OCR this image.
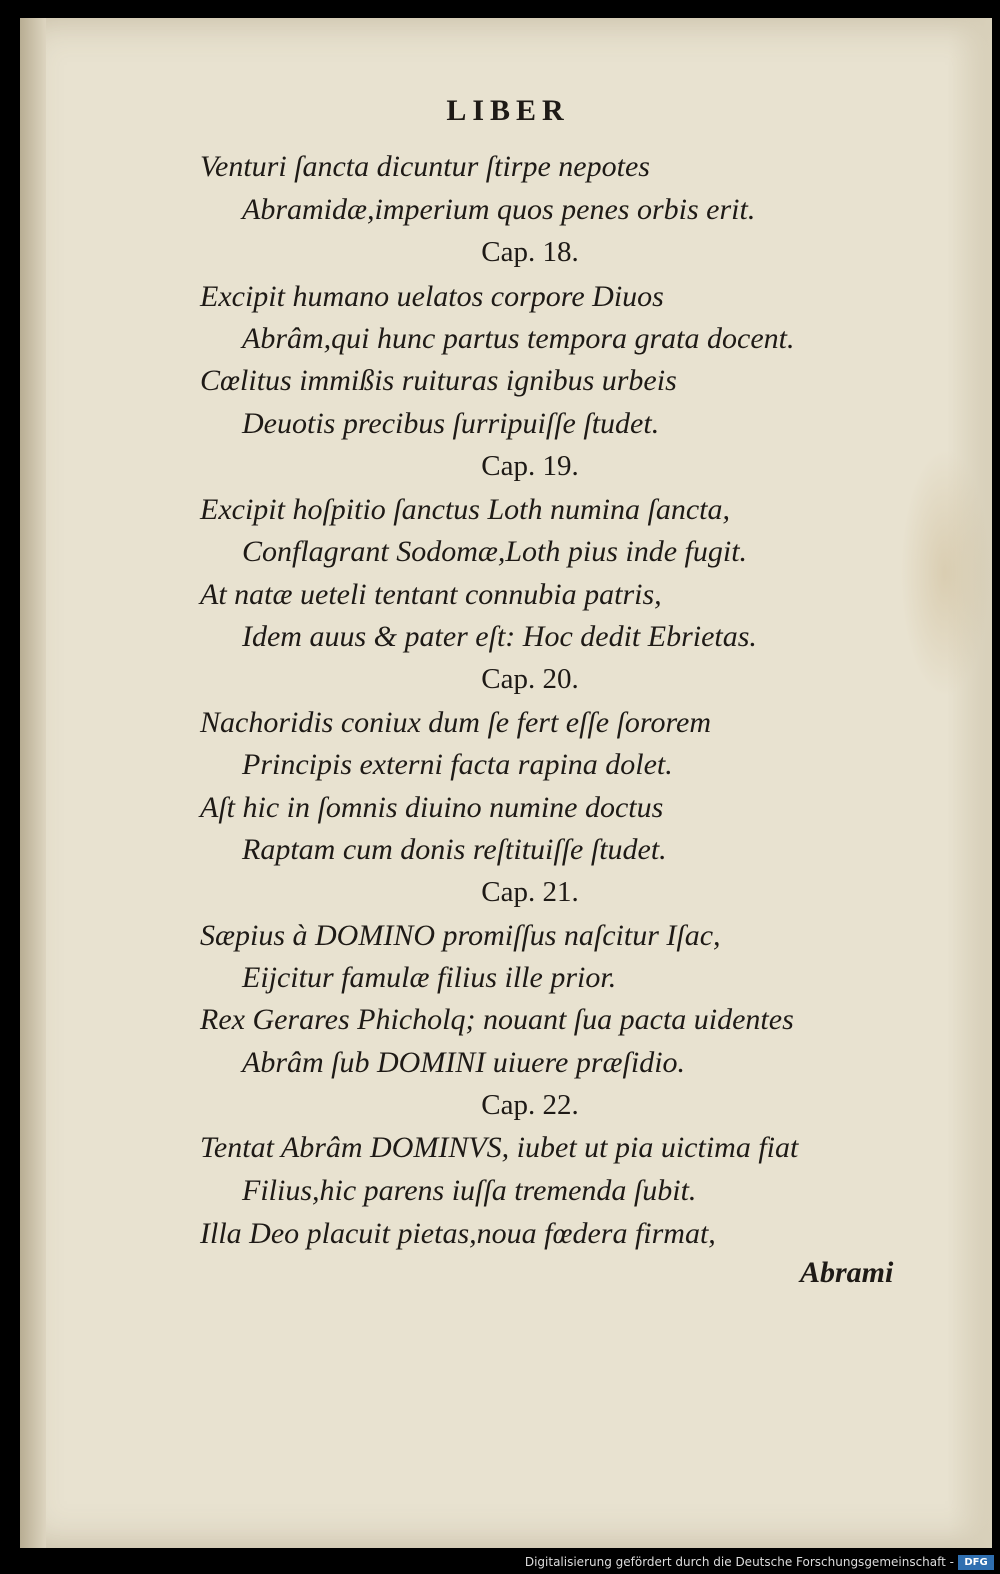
LIBER
Venturi ſancta dicuntur ſtirpe nepotes
Abramidæ,imperium quos penes orbis erit.
Cap. 18.
Excipit humano uelatos corpore Diuos
Abrâm,qui hunc partus tempora grata docent.
Cœlitus immißis ruituras ignibus urbeis
Deuotis precibus ſurripuiſſe ſtudet.
Cap. 19.
Excipit hoſpitio ſanctus Loth numina ſancta,
Conflagrant Sodomæ,Loth pius inde fugit.
At natæ ueteli tentant connubia patris,
Idem auus & pater eſt: Hoc dedit Ebrietas.
Cap. 20.
Nachoridis coniux dum ſe fert eſſe ſororem
Principis externi facta rapina dolet.
Aſt hic in ſomnis diuino numine doctus
Raptam cum donis reſtituiſſe ſtudet.
Cap. 21.
Sæpius à DOMINO promiſſus naſcitur Iſac,
Eijcitur famulæ filius ille prior.
Rex Gerares Phicholq; nouant ſua pacta uidentes
Abrâm ſub DOMINI uiuere præſidio.
Cap. 22.
Tentat Abrâm DOMINVS, iubet ut pia uictima fiat
Filius,hic parens iuſſa tremenda ſubit.
Illa Deo placuit pietas,noua fœdera firmat,
Abrami
Digitalisierung gefördert durch die Deutsche Forschungsgemeinschaft -	DFG
